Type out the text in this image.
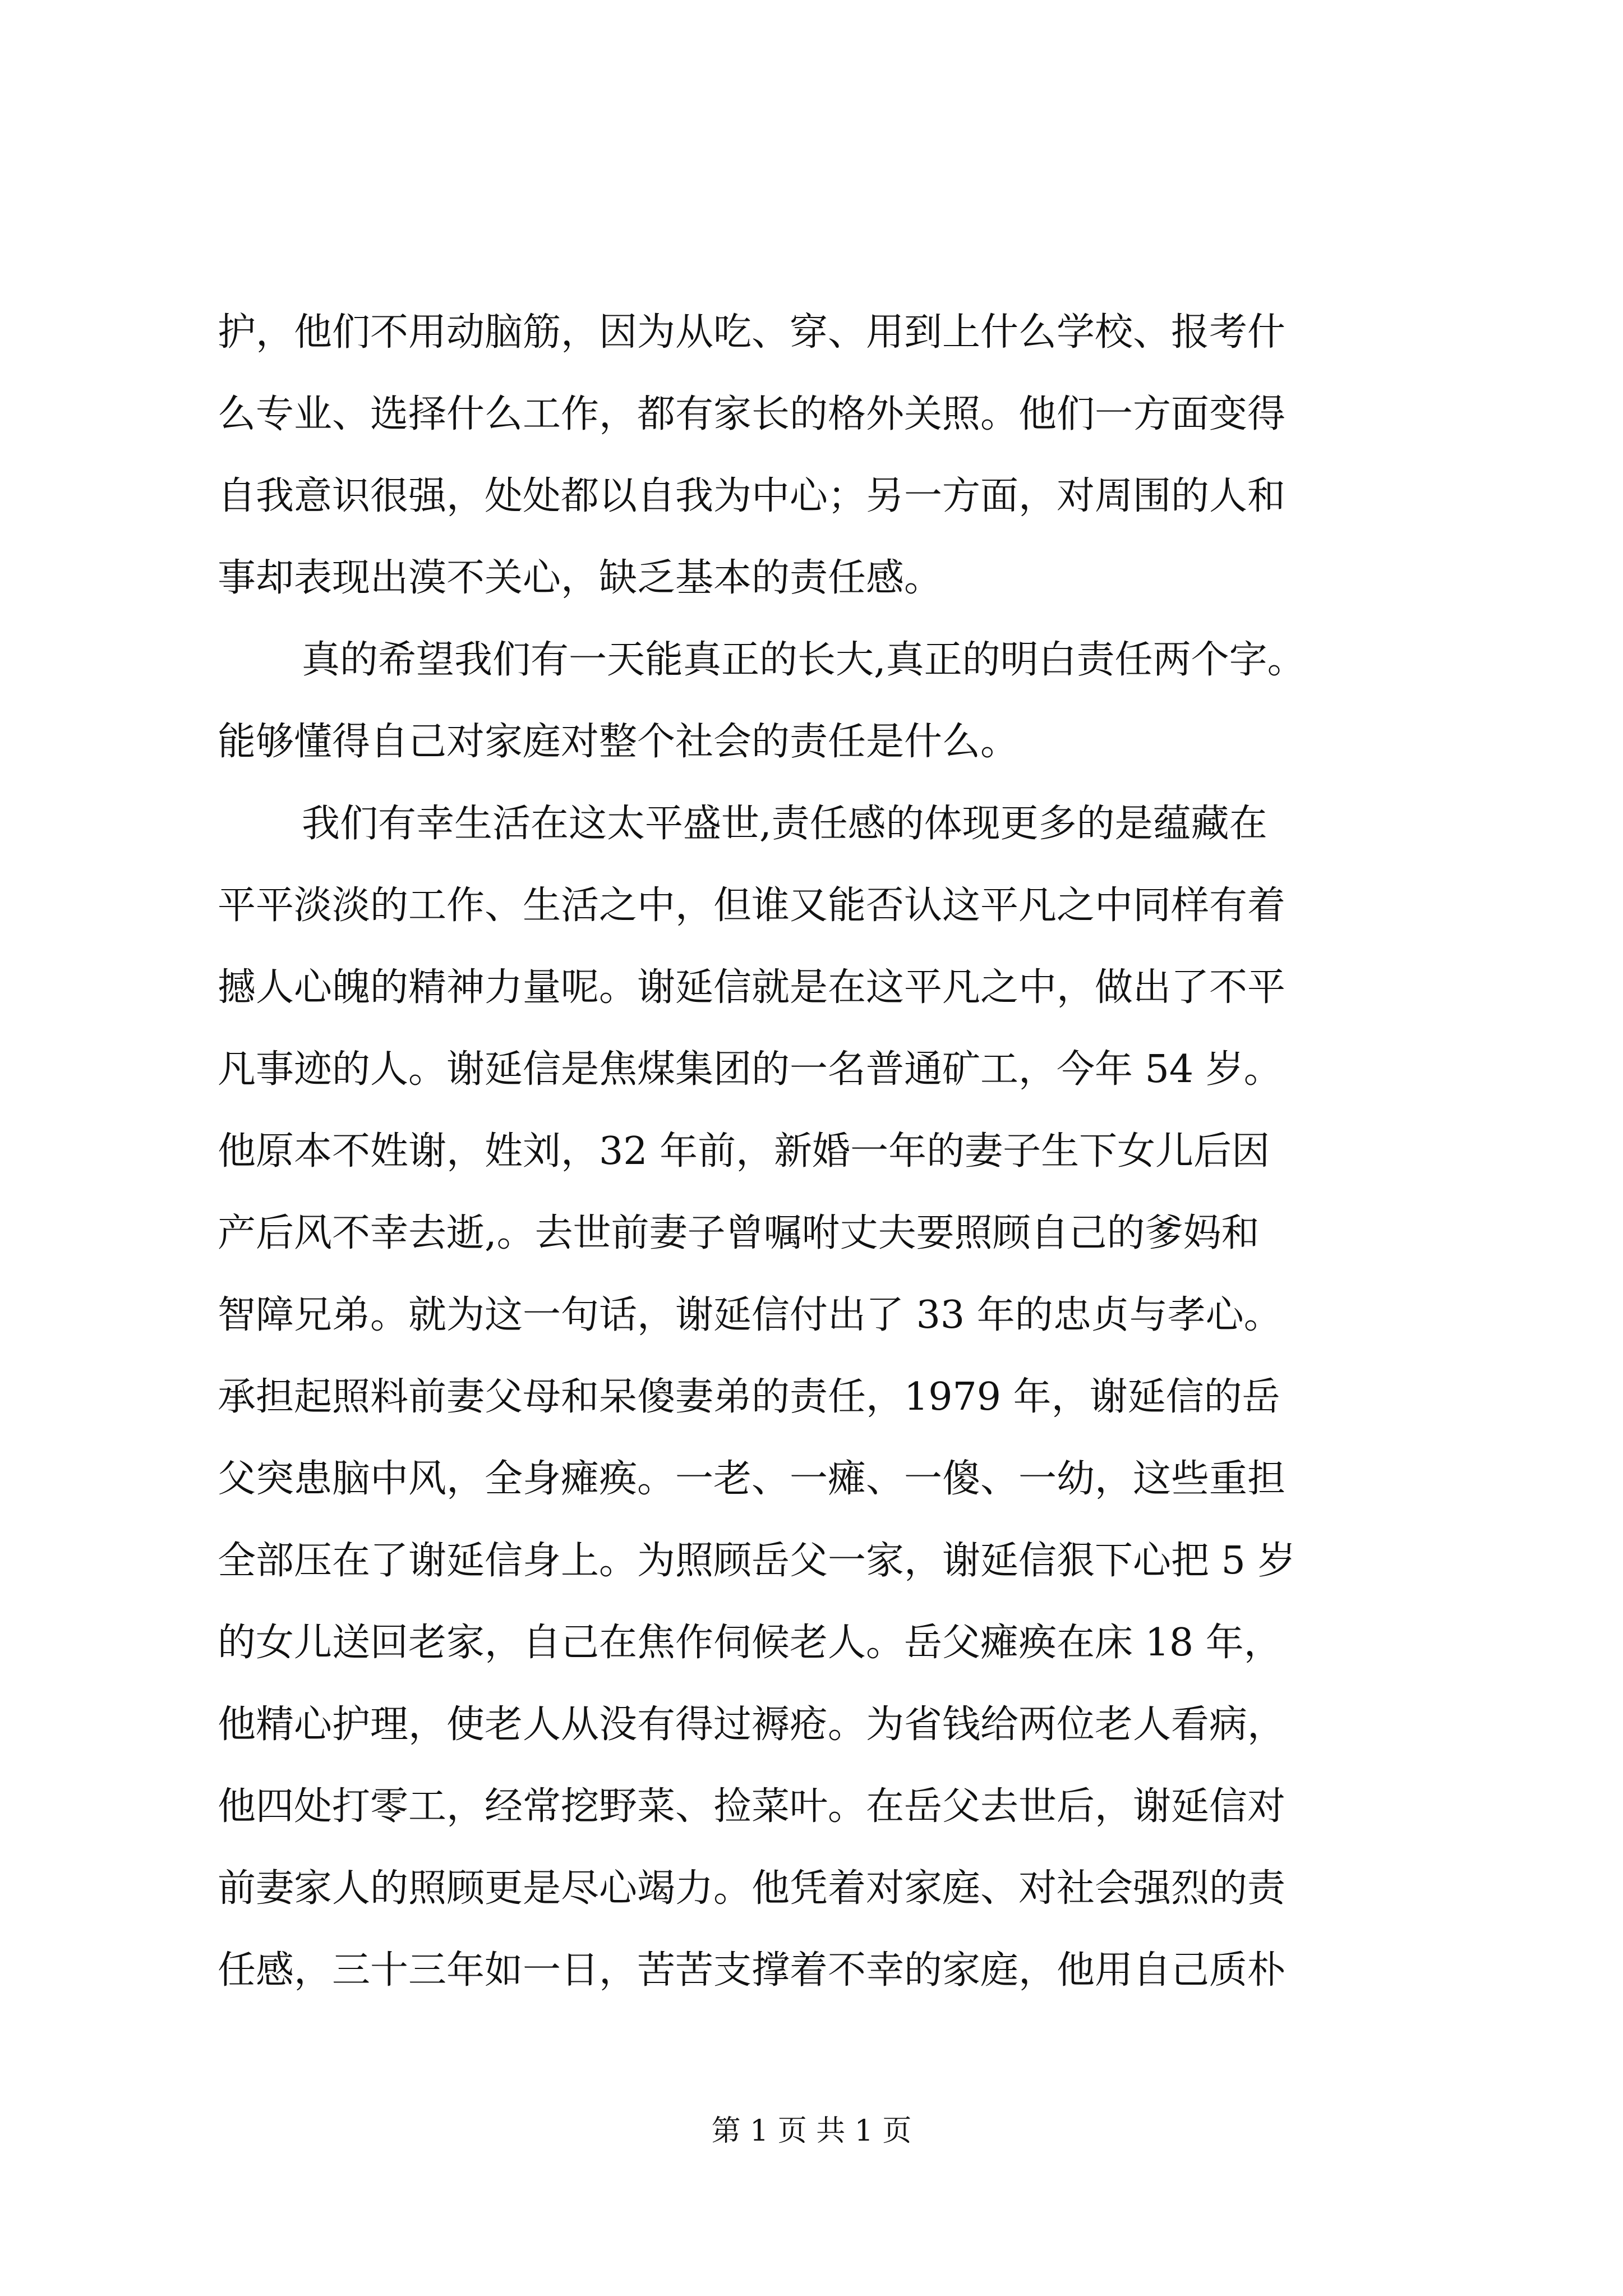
护，他们不用动脑筋，因为从吃、穿、用到上什么学校、报考什
么专业、选择什么工作，都有家长的格外关照。他们一方面变得
自我意识很强，处处都以自我为中心；另一方面，对周围的人和
事却表现出漠不关心，缺乏基本的责任感。
真的希望我们有一天能真正的长大,真正的明白责任两个字。
能够懂得自己对家庭对整个社会的责任是什么。
我们有幸生活在这太平盛世,责任感的体现更多的是蕴藏在
平平淡淡的工作、生活之中，但谁又能否认这平凡之中同样有着
撼人心魄的精神力量呢。谢延信就是在这平凡之中，做出了不平
凡事迹的人。谢延信是焦煤集团的一名普通矿工，今年 54 岁。
他原本不姓谢，姓刘，32 年前，新婚一年的妻子生下女儿后因
产后风不幸去逝,。去世前妻子曾嘱咐丈夫要照顾自己的爹妈和
智障兄弟。就为这一句话，谢延信付出了 33 年的忠贞与孝心。
承担起照料前妻父母和呆傻妻弟的责任，1979 年，谢延信的岳
父突患脑中风，全身瘫痪。一老、一瘫、一傻、一幼，这些重担
全部压在了谢延信身上。为照顾岳父一家，谢延信狠下心把 5 岁
的女儿送回老家，自己在焦作伺候老人。岳父瘫痪在床 18 年，
他精心护理，使老人从没有得过褥疮。为省钱给两位老人看病，
他四处打零工，经常挖野菜、捡菜叶。在岳父去世后，谢延信对
前妻家人的照顾更是尽心竭力。他凭着对家庭、对社会强烈的责
任感，三十三年如一日，苦苦支撑着不幸的家庭，他用自己质朴
第 1 页 共 1 页
